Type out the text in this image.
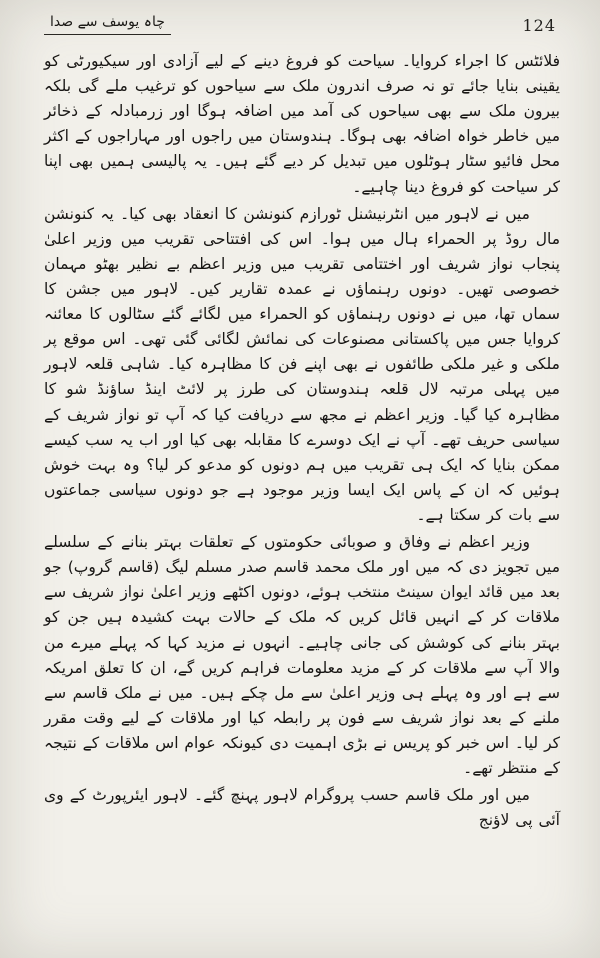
چاہ یوسف سے صدا	124

فلائٹس کا اجراء کروایا۔ سیاحت کو فروغ دینے کے لیے آزادی اور سیکیورٹی کو یقینی بنایا جائے تو نہ صرف اندرون ملک سے سیاحوں کو ترغیب ملے گی بلکہ بیرون ملک سے بھی سیاحوں کی آمد میں اضافہ ہوگا اور زرمبادلہ کے ذخائر میں خاطر خواہ اضافہ بھی ہوگا۔ ہندوستان میں راجوں اور مہاراجوں کے اکثر محل فائیو سٹار ہوٹلوں میں تبدیل کر دیے گئے ہیں۔ یہ پالیسی ہمیں بھی اپنا کر سیاحت کو فروغ دینا چاہیے۔

میں نے لاہور میں انٹرنیشنل ٹورازم کنونشن کا انعقاد بھی کیا۔ یہ کنونشن مال روڈ پر الحمراء ہال میں ہوا۔ اس کی افتتاحی تقریب میں وزیر اعلیٰ پنجاب نواز شریف اور اختتامی تقریب میں وزیر اعظم بے نظیر بھٹو مہمان خصوصی تھیں۔ دونوں رہنماؤں نے عمدہ تقاریر کیں۔ لاہور میں جشن کا سماں تھا، میں نے دونوں رہنماؤں کو الحمراء میں لگائے گئے سٹالوں کا معائنہ کروایا جس میں پاکستانی مصنوعات کی نمائش لگائی گئی تھی۔ اس موقع پر ملکی و غیر ملکی طائفوں نے بھی اپنے فن کا مظاہرہ کیا۔ شاہی قلعہ لاہور میں پہلی مرتبہ لال قلعہ ہندوستان کی طرز پر لائٹ اینڈ ساؤنڈ شو کا مظاہرہ کیا گیا۔ وزیر اعظم نے مجھ سے دریافت کیا کہ آپ تو نواز شریف کے سیاسی حریف تھے۔ آپ نے ایک دوسرے کا مقابلہ بھی کیا اور اب یہ سب کیسے ممکن بنایا کہ ایک ہی تقریب میں ہم دونوں کو مدعو کر لیا؟ وہ بہت خوش ہوئیں کہ ان کے پاس ایک ایسا وزیر موجود ہے جو دونوں سیاسی جماعتوں سے بات کر سکتا ہے۔

وزیر اعظم نے وفاق و صوبائی حکومتوں کے تعلقات بہتر بنانے کے سلسلے میں تجویز دی کہ میں اور ملک محمد قاسم صدر مسلم لیگ (قاسم گروپ) جو بعد میں قائد ایوان سینٹ منتخب ہوئے، دونوں اکٹھے وزیر اعلیٰ نواز شریف سے ملاقات کر کے انہیں قائل کریں کہ ملک کے حالات بہت کشیدہ ہیں جن کو بہتر بنانے کی کوشش کی جانی چاہیے۔ انہوں نے مزید کہا کہ پہلے میرے من والا آپ سے ملاقات کر کے مزید معلومات فراہم کریں گے، ان کا تعلق امریکہ سے ہے اور وہ پہلے ہی وزیر اعلیٰ سے مل چکے ہیں۔ میں نے ملک قاسم سے ملنے کے بعد نواز شریف سے فون پر رابطہ کیا اور ملاقات کے لیے وقت مقرر کر لیا۔ اس خبر کو پریس نے بڑی اہمیت دی کیونکہ عوام اس ملاقات کے نتیجہ کے منتظر تھے۔

میں اور ملک قاسم حسب پروگرام لاہور پہنچ گئے۔ لاہور ایئرپورٹ کے وی آئی پی لاؤنج
